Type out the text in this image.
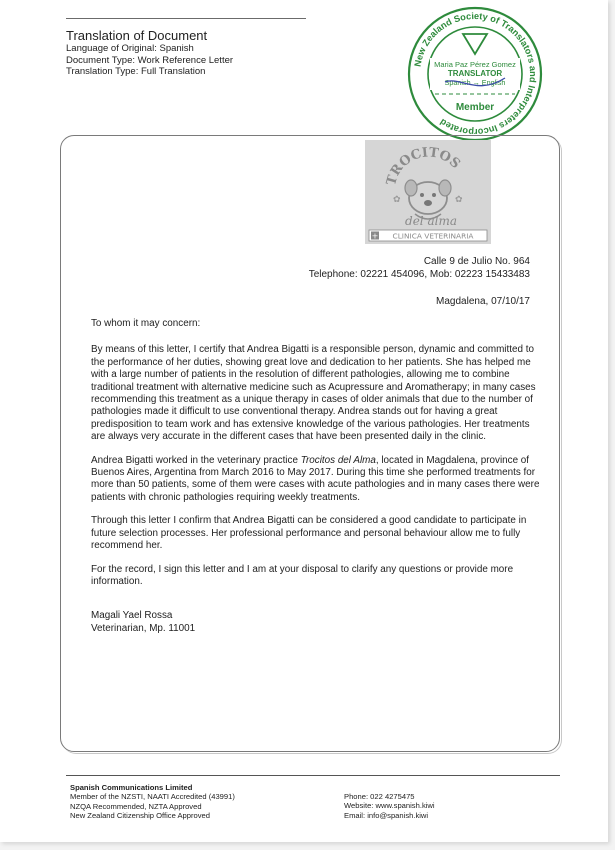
Translation of Document
Language of Original: Spanish
Document Type: Work Reference Letter
Translation Type: Full Translation
New Zealand Society of Translators and Interpreters Incorporated
Maria Paz Pérez Gomez
TRANSLATOR
Spanish → English
Member
TROCITOS
✿	✿
del alma
+ CLINICA VETERINARIA
Calle 9 de Julio No. 964
Telephone: 02221 454096, Mob: 02223 15433483
Magdalena, 07/10/17

To whom it may concern:

By means of this letter, I certify that Andrea Bigatti is a responsible person, dynamic and committed to the performance of her duties, showing great love and dedication to her patients. She has helped me with a large number of patients in the resolution of different pathologies, allowing me to combine traditional treatment with alternative medicine such as Acupressure and Aromatherapy; in many cases recommending this treatment as a unique therapy in cases of older animals that due to the number of pathologies made it difficult to use conventional therapy. Andrea stands out for having a great predisposition to team work and has extensive knowledge of the various pathologies. Her treatments are always very accurate in the different cases that have been presented daily in the clinic.

Andrea Bigatti worked in the veterinary practice Trocitos del Alma, located in Magdalena, province of Buenos Aires, Argentina from March 2016 to May 2017. During this time she performed treatments for more than 50 patients, some of them were cases with acute pathologies and in many cases there were patients with chronic pathologies requiring weekly treatments.

Through this letter I confirm that Andrea Bigatti can be considered a good candidate to participate in future selection processes. Her professional performance and personal behaviour allow me to fully recommend her.

For the record, I sign this letter and I am at your disposal to clarify any questions or provide more information.

Magali Yael Rossa
Veterinarian, Mp. 11001
Spanish Communications Limited
Member of the NZSTI, NAATI Accredited (43991)
NZQA Recommended, NZTA Approved
New Zealand Citizenship Office Approved
Phone: 022 4275475
Website: www.spanish.kiwi
Email: info@spanish.kiwi
